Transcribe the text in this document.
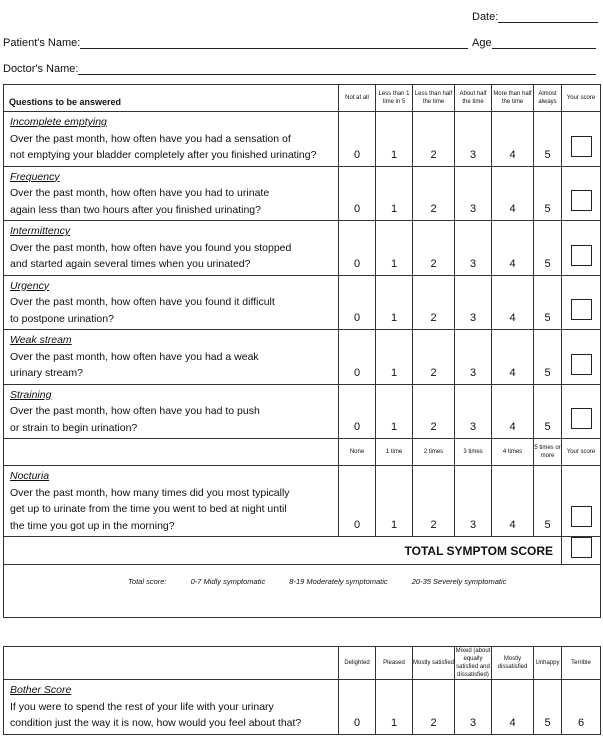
Date:
Patient's Name:	Age
Doctor's Name:
Questions to be answered	Not at all	Less than 1 time in 5	Less than half the time	About half the time	More than half the time	Almost always	Your score

Incomplete emptying
Over the past month, how often have you had a sensation of
not emptying your bladder completely after you finished urinating?	0	1	2	3	4	5	

Frequency
Over the past month, how often have you had to urinate
again less than two hours after you finished urinating?	0	1	2	3	4	5	

Intermittency
Over the past month, how often have you found you stopped
and started again several times when you urinated?	0	1	2	3	4	5	

Urgency
Over the past month, how often have you found it difficult
to postpone urination?	0	1	2	3	4	5	

Weak stream
Over the past month, how often have you had a weak
urinary stream?	0	1	2	3	4	5	

Straining
Over the past month, how often have you had to push
or strain to begin urination?	0	1	2	3	4	5	
	None	1 time	2 times	3 times	4 times	5 times or more	Your score

Nocturia
Over the past month, how many times did you most typically
get up to urinate from the time you went to bed at night until
the time you got up in the morning?	0	1	2	3	4	5	
TOTAL SYMPTOM SCORE							
Total score: 0-7 Midly symptomatic 8-19 Moderately symptomatic 20-35 Severely symptomatic							

	Delighted	Pleased	Mostly satisfied	Mixed (about equally satisfied and dissatisfied)	Mostly dissatisfied	Unhappy	Terrible

Bother Score
If you were to spend the rest of your life with your urinary
condition just the way it is now, how would you feel about that?	0	1	2	3	4	5	6
